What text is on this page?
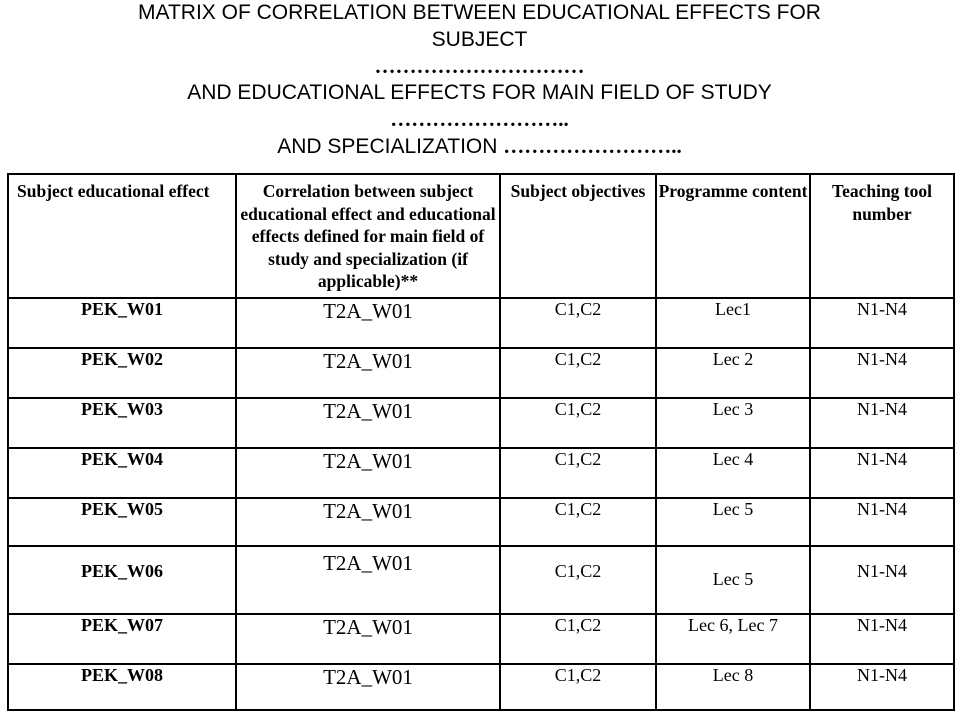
MATRIX OF CORRELATION BETWEEN EDUCATIONAL EFFECTS FOR
SUBJECT
…………………………
AND EDUCATIONAL EFFECTS FOR MAIN FIELD OF STUDY
……………………..
AND SPECIALIZATION ……………………..
Subject educational effect	Correlation between subject educational effect and educational effects defined for main field of study and specialization (if applicable)**	Subject objectives	Programme content	Teaching tool number
PEK_W01	T2A_W01	C1,C2	Lec1	N1-N4
PEK_W02	T2A_W01	C1,C2	Lec 2	N1-N4
PEK_W03	T2A_W01	C1,C2	Lec 3	N1-N4
PEK_W04	T2A_W01	C1,C2	Lec 4	N1-N4
PEK_W05	T2A_W01	C1,C2	Lec 5	N1-N4
PEK_W06	T2A_W01	C1,C2	Lec 5	N1-N4
PEK_W07	T2A_W01	C1,C2	Lec 6, Lec 7	N1-N4
PEK_W08	T2A_W01	C1,C2	Lec 8	N1-N4
